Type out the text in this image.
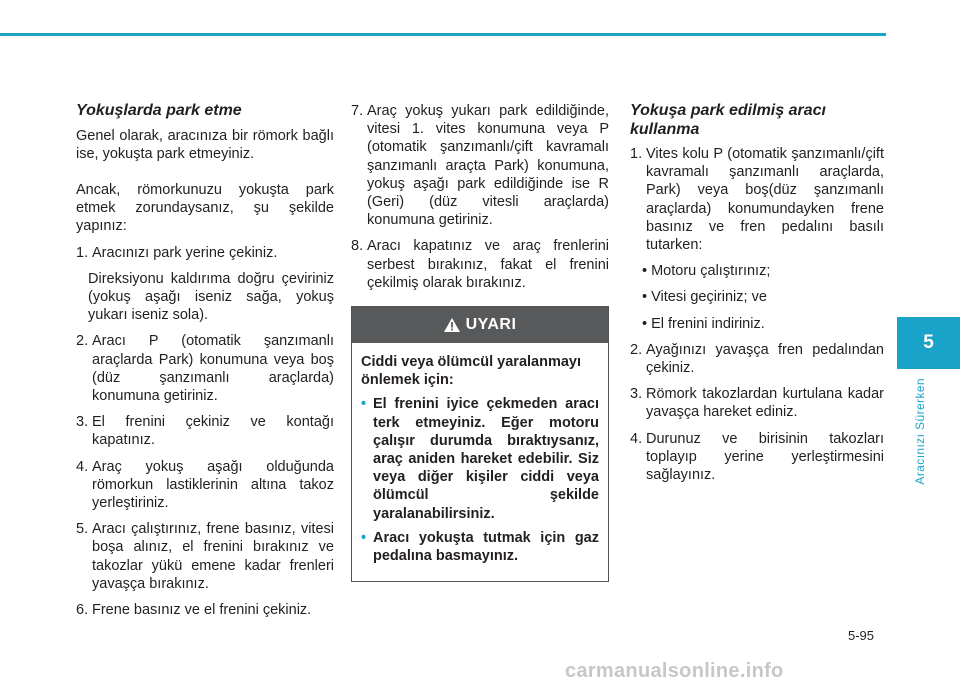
Yokuşlarda park etme
Genel olarak, aracınıza bir römork bağlı ise, yokuşta park etmeyiniz.
Ancak, römorkunuzu yokuşta park etmek zorundaysanız, şu şekilde yapınız:
1. Aracınızı park yerine çekiniz.
Direksiyonu kaldırıma doğru çeviriniz (yokuş aşağı iseniz sağa, yokuş yukarı iseniz sola).
2. Aracı P (otomatik şanzımanlı araçlarda Park) konumuna veya boş (düz şanzımanlı araçlarda) konumuna getiriniz.
3. El frenini çekiniz ve kontağı kapatınız.
4. Araç yokuş aşağı olduğunda römorkun lastiklerinin altına takoz yerleştiriniz.
5. Aracı çalıştırınız, frene basınız, vitesi boşa alınız, el frenini bırakınız ve takozlar yükü emene kadar frenleri yavaşça bırakınız.
6. Frene basınız ve el frenini çekiniz.
7. Araç yokuş yukarı park edildiğinde, vitesi 1. vites konumuna veya P (otomatik şanzımanlı/çift kavramalı şanzımanlı araçta Park) konumuna, yokuş aşağı park edildiğinde ise R (Geri) (düz vitesli araçlarda) konumuna getiriniz.
8. Aracı kapatınız ve araç frenlerini serbest bırakınız, fakat el frenini çekilmiş olarak bırakınız.
UYARI
Ciddi veya ölümcül yaralanmayı önlemek için:
• El frenini iyice çekmeden aracı terk etmeyiniz. Eğer motoru çalışır durumda bıraktıysanız, araç aniden hareket edebilir. Siz veya diğer kişiler ciddi veya ölümcül şekilde yaralanabilirsiniz.
• Aracı yokuşta tutmak için gaz pedalına basmayınız.
Yokuşa park edilmiş aracı kullanma
1. Vites kolu P (otomatik şanzımanlı/çift kavramalı şanzımanlı araçlarda, Park) veya boş(düz şanzımanlı araçlarda) konumundayken frene basınız ve fren pedalını basılı tutarken:
• Motoru çalıştırınız;
• Vitesi geçiriniz; ve
• El frenini indiriniz.
2. Ayağınızı yavaşça fren pedalından çekiniz.
3. Römork takozlardan kurtulana kadar yavaşça hareket ediniz.
4. Durunuz ve birisinin takozları toplayıp yerine yerleştirmesini sağlayınız.
5
Aracınızı Sürerken
5-95
carmanualsonline.info
